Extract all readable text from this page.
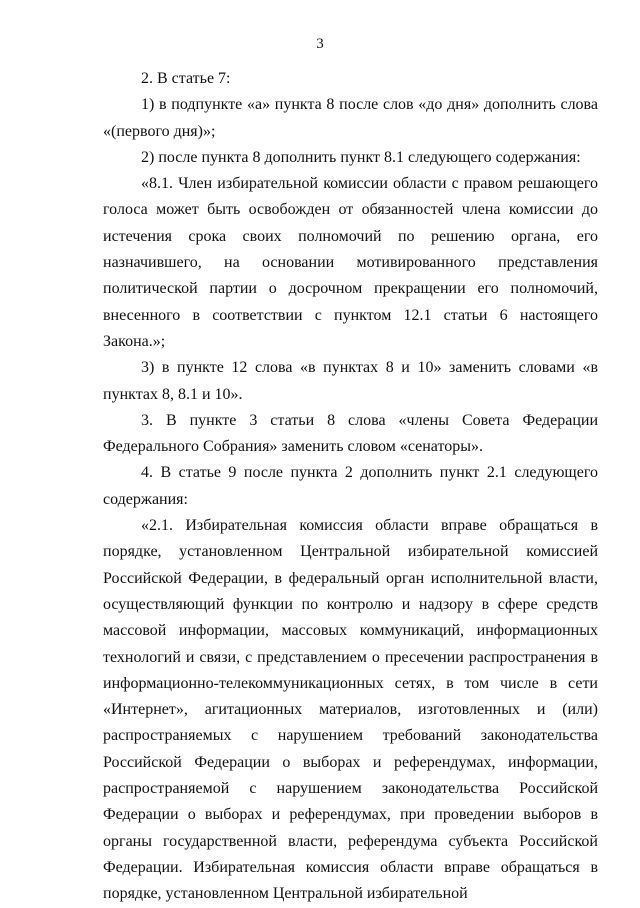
3

2. В статье 7:

1) в подпункте «а» пункта 8 после слов «до дня» дополнить слова «(первого дня)»;

2) после пункта 8 дополнить пункт 8.1 следующего содержания:

«8.1. Член избирательной комиссии области с правом решающего голоса может быть освобожден от обязанностей члена комиссии до истечения срока своих полномочий по решению органа, его назначившего, на основании мотивированного представления политической партии о досрочном прекращении его полномочий, внесенного в соответствии с пунктом 12.1 статьи 6 настоящего Закона.»;

3) в пункте 12 слова «в пунктах 8 и 10» заменить словами «в пунктах 8, 8.1 и 10».

3. В пункте 3 статьи 8 слова «члены Совета Федерации Федерального Собрания» заменить словом «сенаторы».

4. В статье 9 после пункта 2 дополнить пункт 2.1 следующего содержания:

«2.1. Избирательная комиссия области вправе обращаться в порядке, установленном Центральной избирательной комиссией Российской Федерации, в федеральный орган исполнительной власти, осуществляющий функции по контролю и надзору в сфере средств массовой информации, массовых коммуникаций, информационных технологий и связи, с представлением о пресечении распространения в информационно-телекоммуникационных сетях, в том числе в сети «Интернет», агитационных материалов, изготовленных и (или) распространяемых с нарушением требований законодательства Российской Федерации о выборах и референдумах, информации, распространяемой с нарушением законодательства Российской Федерации о выборах и референдумах, при проведении выборов в органы государственной власти, референдума субъекта Российской Федерации. Избирательная комиссия области вправе обращаться в порядке, установленном Центральной избирательной
